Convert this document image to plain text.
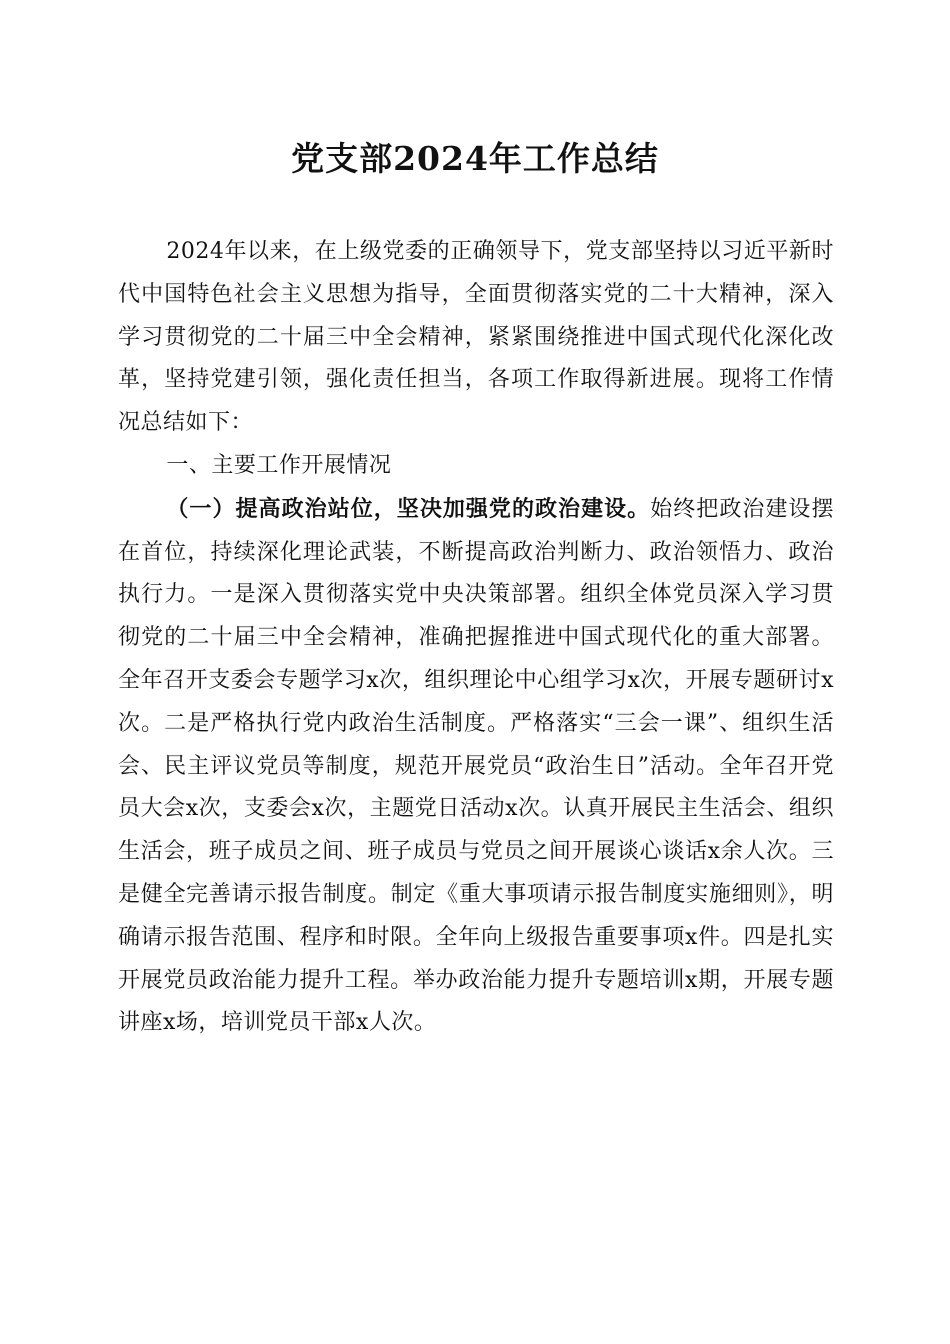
党支部2024年工作总结

2024年以来，在上级党委的正确领导下，党支部坚持以习近平新时代中国特色社会主义思想为指导，全面贯彻落实党的二十大精神，深入学习贯彻党的二十届三中全会精神，紧紧围绕推进中国式现代化深化改革，坚持党建引领，强化责任担当，各项工作取得新进展。现将工作情况总结如下：

一、主要工作开展情况

（一）提高政治站位，坚决加强党的政治建设。始终把政治建设摆在首位，持续深化理论武装，不断提高政治判断力、政治领悟力、政治执行力。一是深入贯彻落实党中央决策部署。组织全体党员深入学习贯彻党的二十届三中全会精神，准确把握推进中国式现代化的重大部署。全年召开支委会专题学习x次，组织理论中心组学习x次，开展专题研讨x次。二是严格执行党内政治生活制度。严格落实“三会一课”、组织生活会、民主评议党员等制度，规范开展党员“政治生日”活动。全年召开党员大会x次，支委会x次，主题党日活动x次。认真开展民主生活会、组织生活会，班子成员之间、班子成员与党员之间开展谈心谈话x余人次。三是健全完善请示报告制度。制定《重大事项请示报告制度实施细则》，明确请示报告范围、程序和时限。全年向上级报告重要事项x件。四是扎实开展党员政治能力提升工程。举办政治能力提升专题培训x期，开展专题讲座x场，培训党员干部x人次。
